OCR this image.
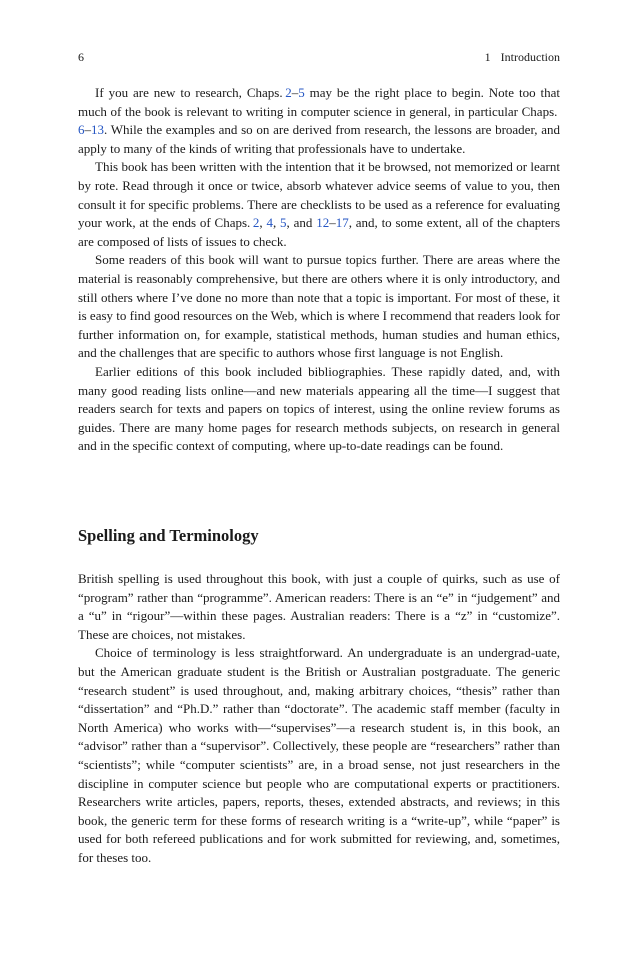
6	1 Introduction

If you are new to research, Chaps. 2–5 may be the right place to begin. Note too that much of the book is relevant to writing in computer science in general, in particular Chaps. 6–13. While the examples and so on are derived from research, the lessons are broader, and apply to many of the kinds of writing that professionals have to undertake.

This book has been written with the intention that it be browsed, not memorized or learnt by rote. Read through it once or twice, absorb whatever advice seems of value to you, then consult it for specific problems. There are checklists to be used as a reference for evaluating your work, at the ends of Chaps. 2, 4, 5, and 12–17, and, to some extent, all of the chapters are composed of lists of issues to check.

Some readers of this book will want to pursue topics further. There are areas where the material is reasonably comprehensive, but there are others where it is only introductory, and still others where I’ve done no more than note that a topic is important. For most of these, it is easy to find good resources on the Web, which is where I recommend that readers look for further information on, for example, statistical methods, human studies and human ethics, and the challenges that are specific to authors whose first language is not English.

Earlier editions of this book included bibliographies. These rapidly dated, and, with many good reading lists online—and new materials appearing all the time—I suggest that readers search for texts and papers on topics of interest, using the online review forums as guides. There are many home pages for research methods subjects, on research in general and in the specific context of computing, where up-to-date readings can be found.

Spelling and Terminology

British spelling is used throughout this book, with just a couple of quirks, such as use of “program” rather than “programme”. American readers: There is an “e” in “judgement” and a “u” in “rigour”—within these pages. Australian readers: There is a “z” in “customize”. These are choices, not mistakes.

Choice of terminology is less straightforward. An undergraduate is an undergrad-uate, but the American graduate student is the British or Australian postgraduate. The generic “research student” is used throughout, and, making arbitrary choices, “thesis” rather than “dissertation” and “Ph.D.” rather than “doctorate”. The academic staff member (faculty in North America) who works with—“supervises”—a research student is, in this book, an “advisor” rather than a “supervisor”. Collectively, these people are “researchers” rather than “scientists”; while “computer scientists” are, in a broad sense, not just researchers in the discipline in computer science but people who are computational experts or practitioners. Researchers write articles, papers, reports, theses, extended abstracts, and reviews; in this book, the generic term for these forms of research writing is a “write-up”, while “paper” is used for both refereed publications and for work submitted for reviewing, and, sometimes, for theses too.
